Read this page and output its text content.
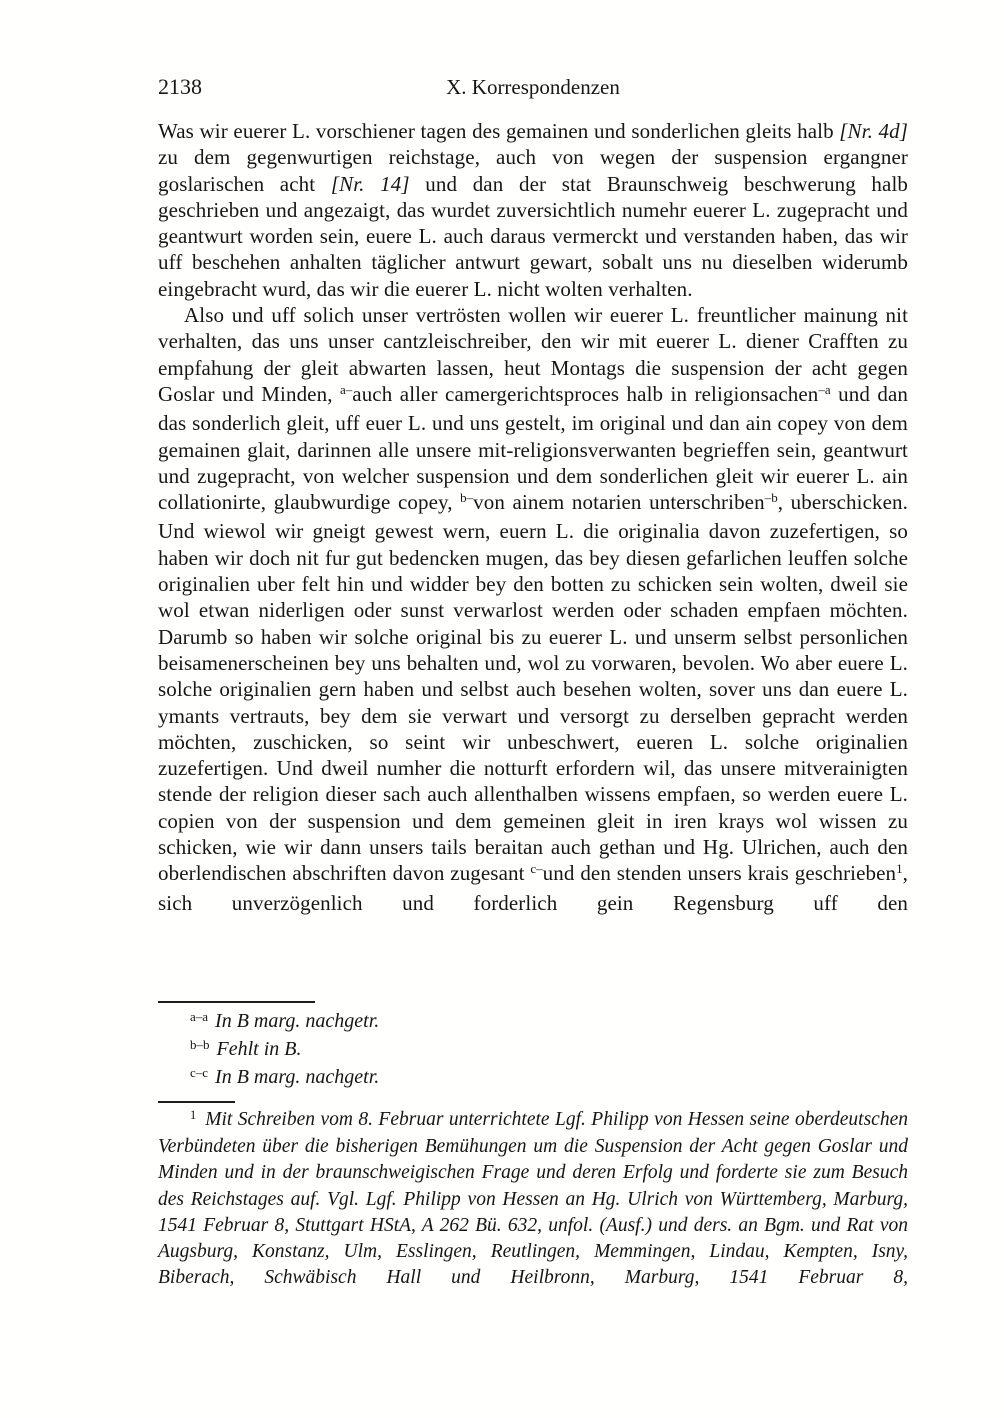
2138	X. Korrespondenzen

Was wir euerer L. vorschiener tagen des gemainen und sonderlichen gleits halb [Nr. 4d] zu dem gegenwurtigen reichstage, auch von wegen der suspension ergangner goslarischen acht [Nr. 14] und dan der stat Braunschweig beschwerung halb geschrieben und angezaigt, das wurdet zuversichtlich numehr euerer L. zugepracht und geantwurt worden sein, euere L. auch daraus vermerckt und verstanden haben, das wir uff beschehen anhalten täglicher antwurt gewart, sobalt uns nu dieselben widerumb eingebracht wurd, das wir die euerer L. nicht wolten verhalten.

Also und uff solich unser vertrösten wollen wir euerer L. freuntlicher mainung nit verhalten, das uns unser cantzleischreiber, den wir mit euerer L. diener Crafften zu empfahung der gleit abwarten lassen, heut Montags die suspension der acht gegen Goslar und Minden, $^{a-}$auch aller camergerichtsproces halb in religionsachen$^{-a}$ und dan das sonderlich gleit, uff euer L. und uns gestelt, im original und dan ain copey von dem gemainen glait, darinnen alle unsere mit-religionsverwanten begrieffen sein, geantwurt und zugepracht, von welcher suspension und dem sonderlichen gleit wir euerer L. ain collationirte, glaubwurdige copey, $^{b-}$von ainem notarien unterschriben$^{-b}$, uberschicken. Und wiewol wir gneigt gewest wern, euern L. die originalia davon zuzefertigen, so haben wir doch nit fur gut bedencken mugen, das bey diesen gefarlichen leuffen solche originalien uber felt hin und widder bey den botten zu schicken sein wolten, dweil sie wol etwan niderligen oder sunst verwarlost werden oder schaden empfaen möchten. Darumb so haben wir solche original bis zu euerer L. und unserm selbst personlichen beisamenerscheinen bey uns behalten und, wol zu vorwaren, bevolen. Wo aber euere L. solche originalien gern haben und selbst auch besehen wolten, sover uns dan euere L. ymants vertrauts, bey dem sie verwart und versorgt zu derselben gepracht werden möchten, zuschicken, so seint wir unbeschwert, eueren L. solche originalien zuzefertigen. Und dweil numher die notturft erfordern wil, das unsere mitverainigten stende der religion dieser sach auch allenthalben wissens empfaen, so werden euere L. copien von der suspension und dem gemeinen gleit in iren krays wol wissen zu schicken, wie wir dann unsers tails beraitan auch gethan und Hg. Ulrichen, auch den oberlendischen abschriften davon zugesant $^{c-}$und den stenden unsers krais geschrieben$^1$, sich unverzögenlich und forderlich gein Regensburg uff den

$^{a-a}$ In B marg. nachgetr.

$^{b-b}$ Fehlt in B.

$^{c-c}$ In B marg. nachgetr.

$^1$ Mit Schreiben vom 8. Februar unterrichtete Lgf. Philipp von Hessen seine oberdeutschen Verbündeten über die bisherigen Bemühungen um die Suspension der Acht gegen Goslar und Minden und in der braunschweigischen Frage und deren Erfolg und forderte sie zum Besuch des Reichstages auf. Vgl. Lgf. Philipp von Hessen an Hg. Ulrich von Württemberg, Marburg, 1541 Februar 8, Stuttgart HStA, A 262 Bü. 632, unfol. (Ausf.) und ders. an Bgm. und Rat von Augsburg, Konstanz, Ulm, Esslingen, Reutlingen, Memmingen, Lindau, Kempten, Isny, Biberach, Schwäbisch Hall und Heilbronn, Marburg, 1541 Februar 8,
